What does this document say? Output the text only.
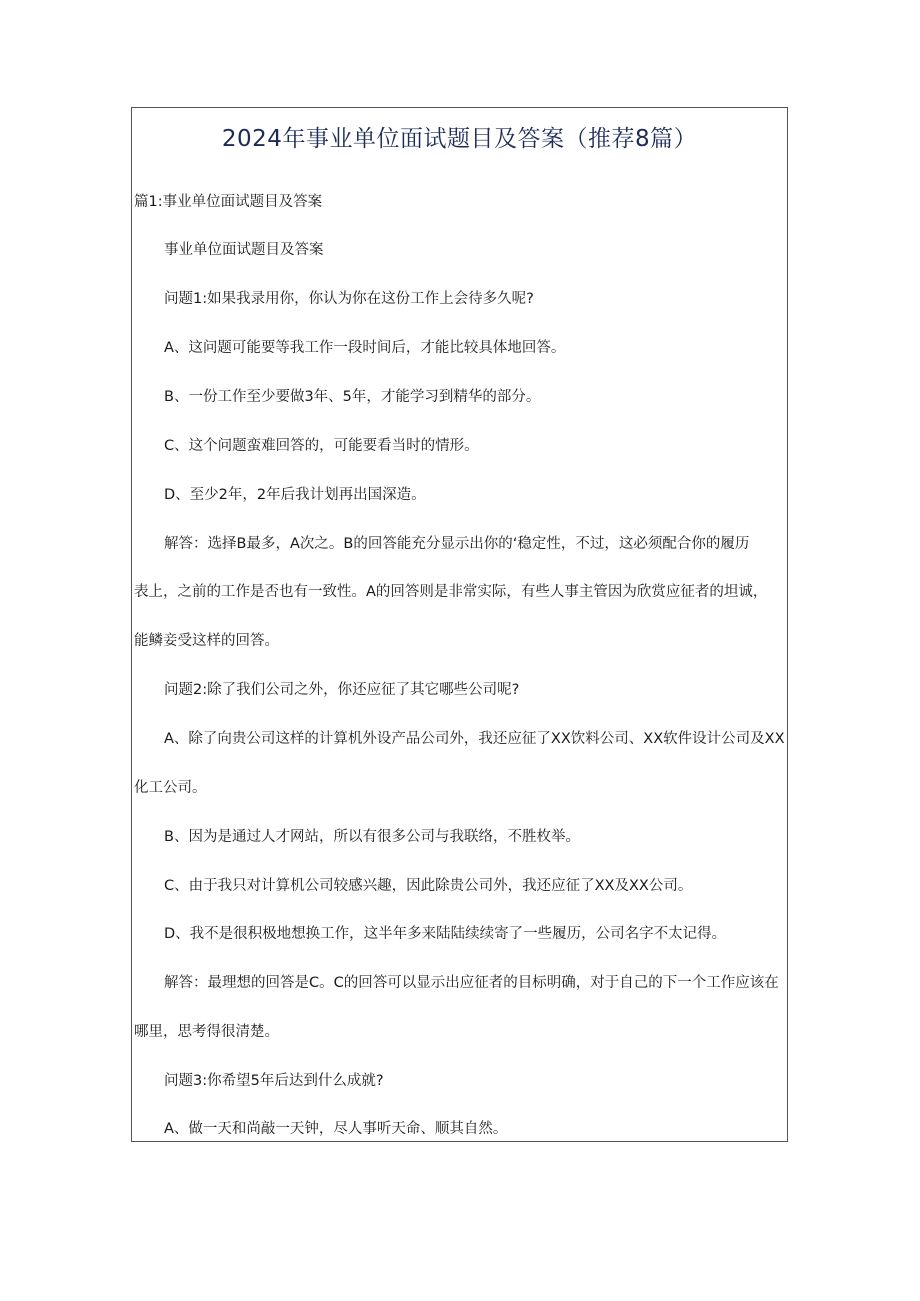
2024年事业单位面试题目及答案（推荐8篇）
篇1:事业单位面试题目及答案
事业单位面试题目及答案
问题1:如果我录用你，你认为你在这份工作上会待多久呢?
A、这问题可能要等我工作一段时间后，才能比较具体地回答。
B、一份工作至少要做3年、5年，才能学习到精华的部分。
C、这个问题蛮难回答的，可能要看当时的情形。
D、至少2年，2年后我计划再出国深造。
解答：选择B最多，A次之。B的回答能充分显示出你的‘稳定性，不过，这必须配合你的履历
表上，之前的工作是否也有一致性。A的回答则是非常实际，有些人事主管因为欣赏应征者的坦诚，
能鳞妾受这样的回答。
问题2:除了我们公司之外，你还应征了其它哪些公司呢?
A、除了向贵公司这样的计算机外设产品公司外，我还应征了XX饮料公司、XX软件设计公司及XX
化工公司。
B、因为是通过人才网站，所以有很多公司与我联络，不胜枚举。
C、由于我只对计算机公司较感兴趣，因此除贵公司外，我还应征了XX及XX公司。
D、我不是很积极地想换工作，这半年多来陆陆续续寄了一些履历，公司名字不太记得。
解答：最理想的回答是C。C的回答可以显示出应征者的目标明确，对于自己的下一个工作应该在
哪里，思考得很清楚。
问题3:你希望5年后达到什么成就?
A、做一天和尚敲一天钟，尽人事听天命、顺其自然。
